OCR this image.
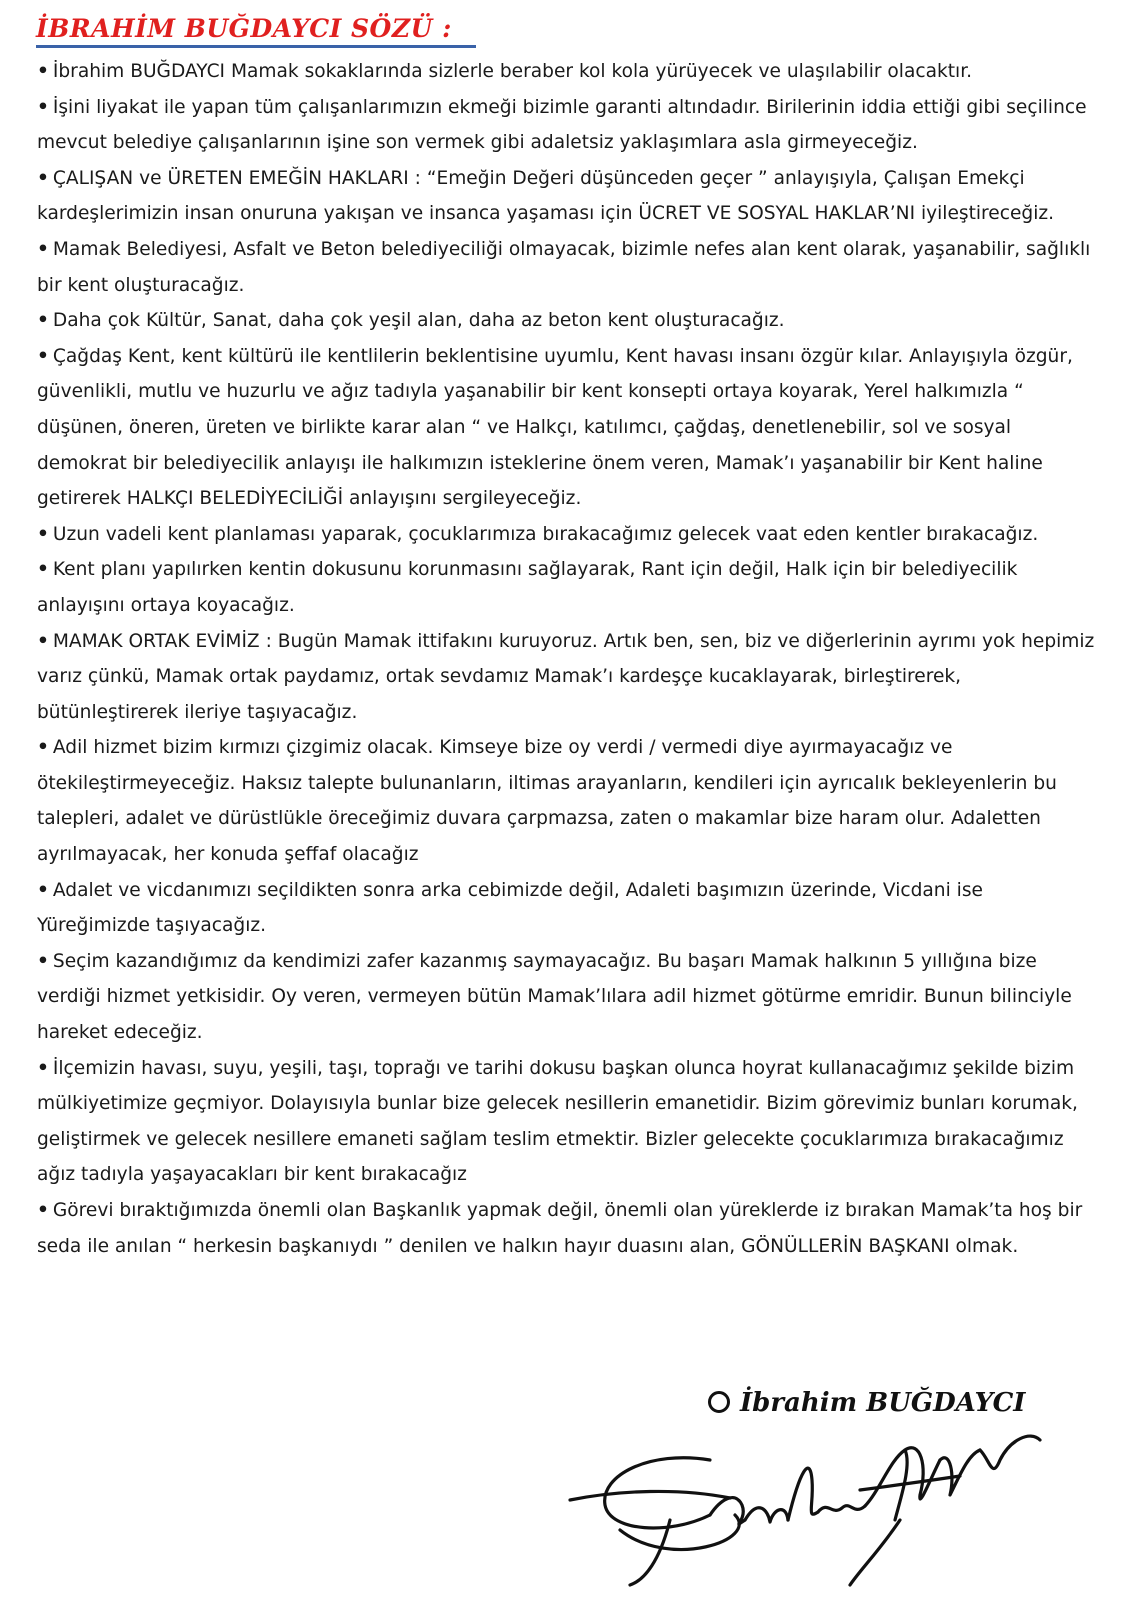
İBRAHİM BUĞDAYCI SÖZÜ :

• İbrahim BUĞDAYCI Mamak sokaklarında sizlerle beraber kol kola yürüyecek ve ulaşılabilir olacaktır.

• İşini liyakat ile yapan tüm çalışanlarımızın ekmeği bizimle garanti altındadır. Birilerinin iddia ettiği gibi seçilince mevcut belediye çalışanlarının işine son vermek gibi adaletsiz yaklaşımlara asla girmeyeceğiz.

• ÇALIŞAN ve ÜRETEN EMEĞİN HAKLARI : “Emeğin Değeri düşünceden geçer ” anlayışıyla, Çalışan Emekçi kardeşlerimizin insan onuruna yakışan ve insanca yaşaması için ÜCRET VE SOSYAL HAKLAR’NI iyileştireceğiz.

• Mamak Belediyesi, Asfalt ve Beton belediyeciliği olmayacak, bizimle nefes alan kent olarak, yaşanabilir, sağlıklı bir kent oluşturacağız.

• Daha çok Kültür, Sanat, daha çok yeşil alan, daha az beton kent oluşturacağız.

• Çağdaş Kent, kent kültürü ile kentlilerin beklentisine uyumlu, Kent havası insanı özgür kılar. Anlayışıyla özgür, güvenlikli, mutlu ve huzurlu ve ağız tadıyla yaşanabilir bir kent konsepti ortaya koyarak, Yerel halkımızla “ düşünen, öneren, üreten ve birlikte karar alan “ ve Halkçı, katılımcı, çağdaş, denetlenebilir, sol ve sosyal demokrat bir belediyecilik anlayışı ile halkımızın isteklerine önem veren, Mamak’ı yaşanabilir bir Kent haline getirerek HALKÇI BELEDİYECİLİĞİ anlayışını sergileyeceğiz.

• Uzun vadeli kent planlaması yaparak, çocuklarımıza bırakacağımız gelecek vaat eden kentler bırakacağız.

• Kent planı yapılırken kentin dokusunu korunmasını sağlayarak, Rant için değil, Halk için bir belediyecilik anlayışını ortaya koyacağız.

• MAMAK ORTAK EVİMİZ : Bugün Mamak ittifakını kuruyoruz. Artık ben, sen, biz ve diğerlerinin ayrımı yok hepimiz varız çünkü, Mamak ortak paydamız, ortak sevdamız Mamak’ı kardeşçe kucaklayarak, birleştirerek, bütünleştirerek ileriye taşıyacağız.

• Adil hizmet bizim kırmızı çizgimiz olacak. Kimseye bize oy verdi / vermedi diye ayırmayacağız ve ötekileştirmeyeceğiz. Haksız talepte bulunanların, iltimas arayanların, kendileri için ayrıcalık bekleyenlerin bu talepleri, adalet ve dürüstlükle öreceğimiz duvara çarpmazsa, zaten o makamlar bize haram olur. Adaletten ayrılmayacak, her konuda şeffaf olacağız

• Adalet ve vicdanımızı seçildikten sonra arka cebimizde değil, Adaleti başımızın üzerinde, Vicdani ise Yüreğimizde taşıyacağız.

• Seçim kazandığımız da kendimizi zafer kazanmış saymayacağız. Bu başarı Mamak halkının 5 yıllığına bize verdiği hizmet yetkisidir. Oy veren, vermeyen bütün Mamak’lılara adil hizmet götürme emridir. Bunun bilinciyle hareket edeceğiz.

• İlçemizin havası, suyu, yeşili, taşı, toprağı ve tarihi dokusu başkan olunca hoyrat kullanacağımız şekilde bizim mülkiyetimize geçmiyor. Dolayısıyla bunlar bize gelecek nesillerin emanetidir. Bizim görevimiz bunları korumak, geliştirmek ve gelecek nesillere emaneti sağlam teslim etmektir. Bizler gelecekte çocuklarımıza bırakacağımız ağız tadıyla yaşayacakları bir kent bırakacağız

• Görevi bıraktığımızda önemli olan Başkanlık yapmak değil, önemli olan yüreklerde iz bırakan Mamak’ta hoş bir seda ile anılan “ herkesin başkanıydı ” denilen ve halkın hayır duasını alan, GÖNÜLLERİN BAŞKANI olmak.

İbrahim BUĞDAYCI
